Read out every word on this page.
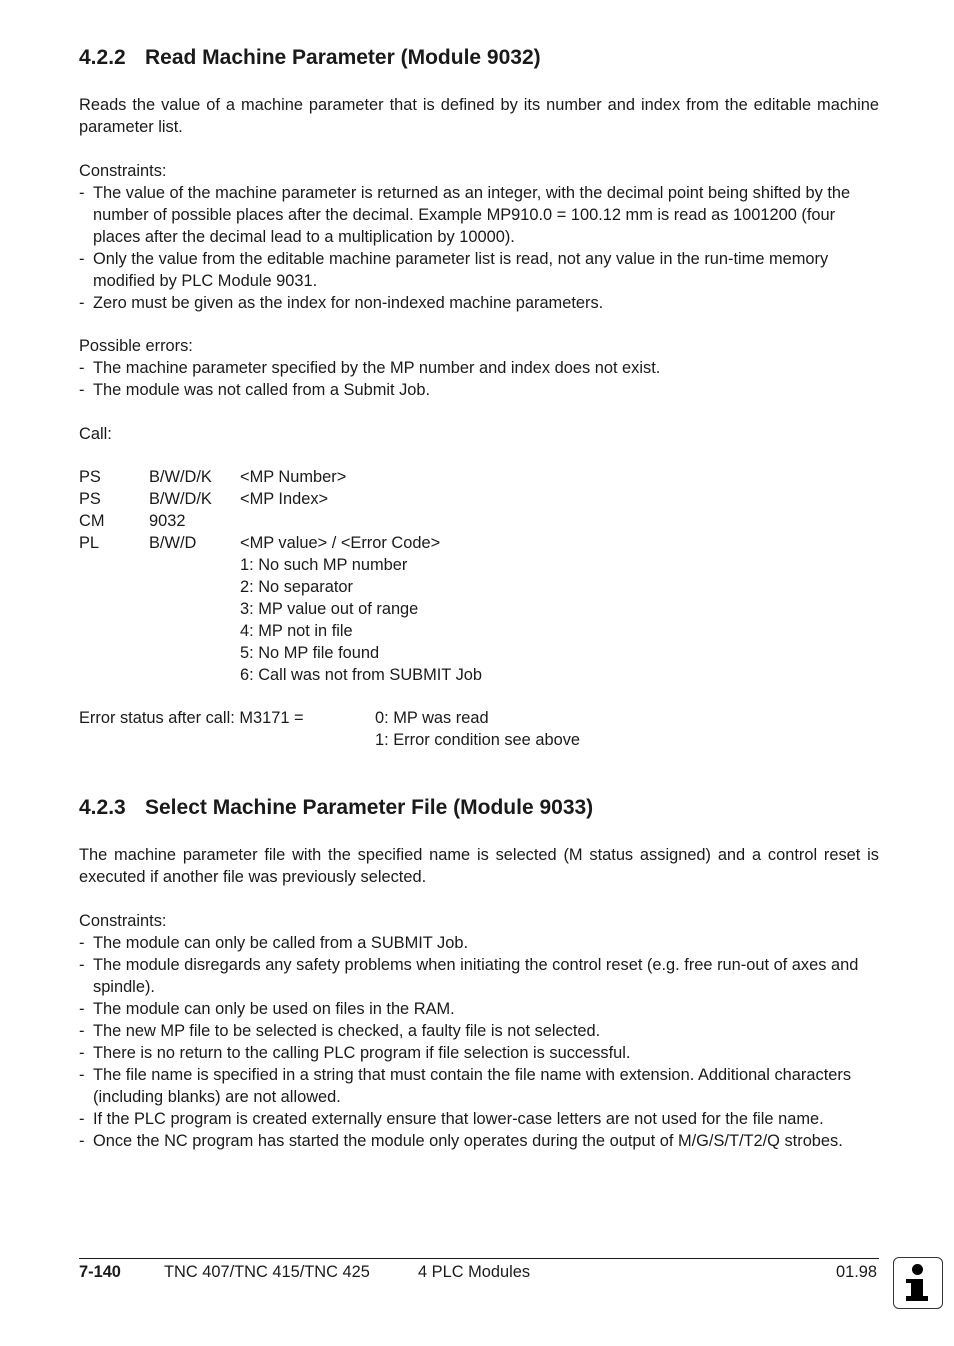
4.2.2 Read Machine Parameter (Module 9032)

Reads the value of a machine parameter that is defined by its number and index from the editable machine parameter list.

Constraints:

- The value of the machine parameter is returned as an integer, with the decimal point being shifted by the number of possible places after the decimal. Example MP910.0 = 100.12 mm is read as 1001200 (four places after the decimal lead to a multiplication by 10000).
- Only the value from the editable machine parameter list is read, not any value in the run-time memory modified by PLC Module 9031.
- Zero must be given as the index for non-indexed machine parameters.

Possible errors:

- The machine parameter specified by the MP number and index does not exist.
- The module was not called from a Submit Job.

Call:

PS	B/W/D/K <MP Number>
PS	B/W/D/K <MP Index>
CM	9032
PL	B/W/D	<MP value> / <Error Code>
1: No such MP number
2: No separator
3: MP value out of range
4: MP not in file
5: No MP file found
6: Call was not from SUBMIT Job
Error status after call: M3171 =	0: MP was read
1: Error condition see above
4.2.3 Select Machine Parameter File (Module 9033)

The machine parameter file with the specified name is selected (M status assigned) and a control reset is executed if another file was previously selected.

Constraints:

- The module can only be called from a SUBMIT Job.
- The module disregards any safety problems when initiating the control reset (e.g. free run-out of axes and spindle).
- The module can only be used on files in the RAM.
- The new MP file to be selected is checked, a faulty file is not selected.
- There is no return to the calling PLC program if file selection is successful.
- The file name is specified in a string that must contain the file name with extension. Additional characters (including blanks) are not allowed.
- If the PLC program is created externally ensure that lower-case letters are not used for the file name.
- Once the NC program has started the module only operates during the output of M/G/S/T/T2/Q strobes.
7-140	TNC 407/TNC 415/TNC 425	4 PLC Modules	01.98
